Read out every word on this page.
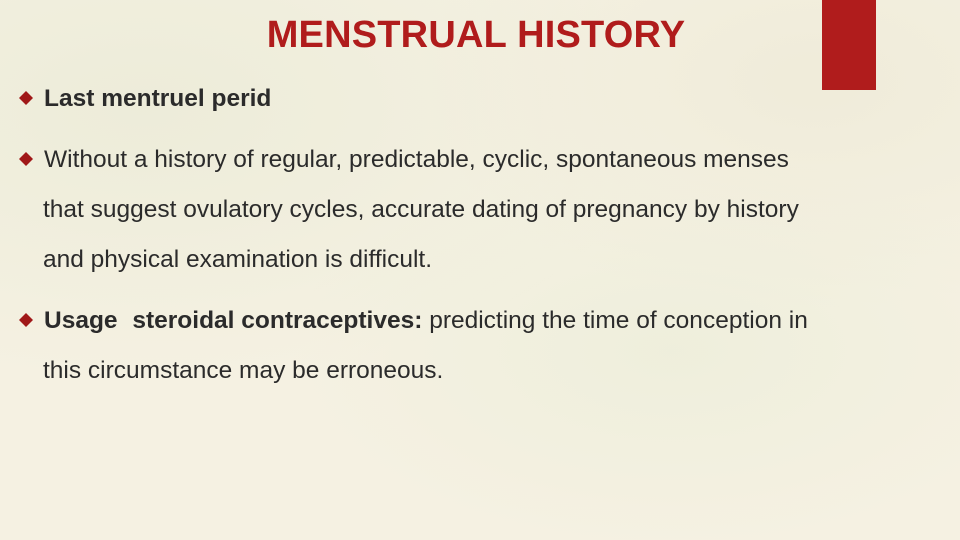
MENSTRUAL HISTORY
Last mentruel perid
Without a history of regular, predictable, cyclic, spontaneous menses
that suggest ovulatory cycles, accurate dating of pregnancy by history
and physical examination is difficult.
Usage steroidal contraceptives: predicting the time of conception in
this circumstance may be erroneous.
